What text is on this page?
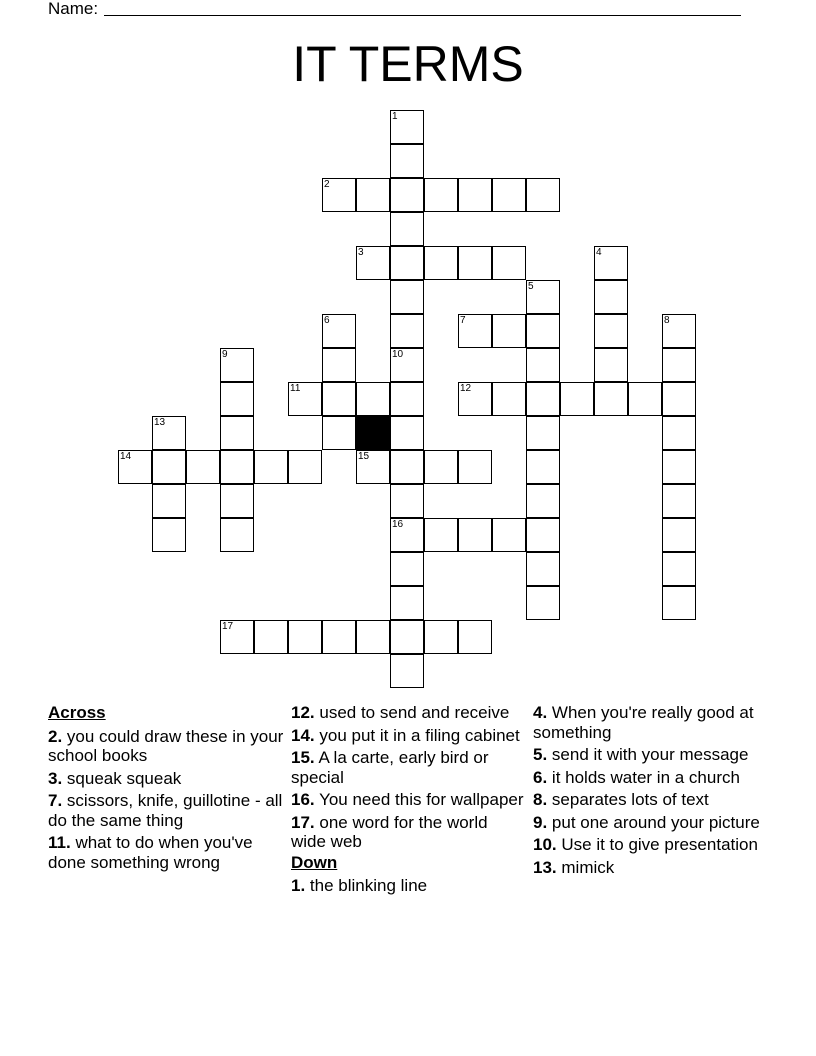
Name:
IT TERMS
1
10
16
2
3	4
5
6	7	8
9
11	12
13
14	15
17
Across
2. you could draw these in your school books
3. squeak squeak
7. scissors, knife, guillotine - all do the same thing
11. what to do when you've done something wrong
12. used to send and receive
14. you put it in a filing cabinet
15. A la carte, early bird or special
16. You need this for wallpaper
17. one word for the world wide web
Down
1. the blinking line
4. When you're really good at something
5. send it with your message
6. it holds water in a church
8. separates lots of text
9. put one around your picture
10. Use it to give presentation
13. mimick
